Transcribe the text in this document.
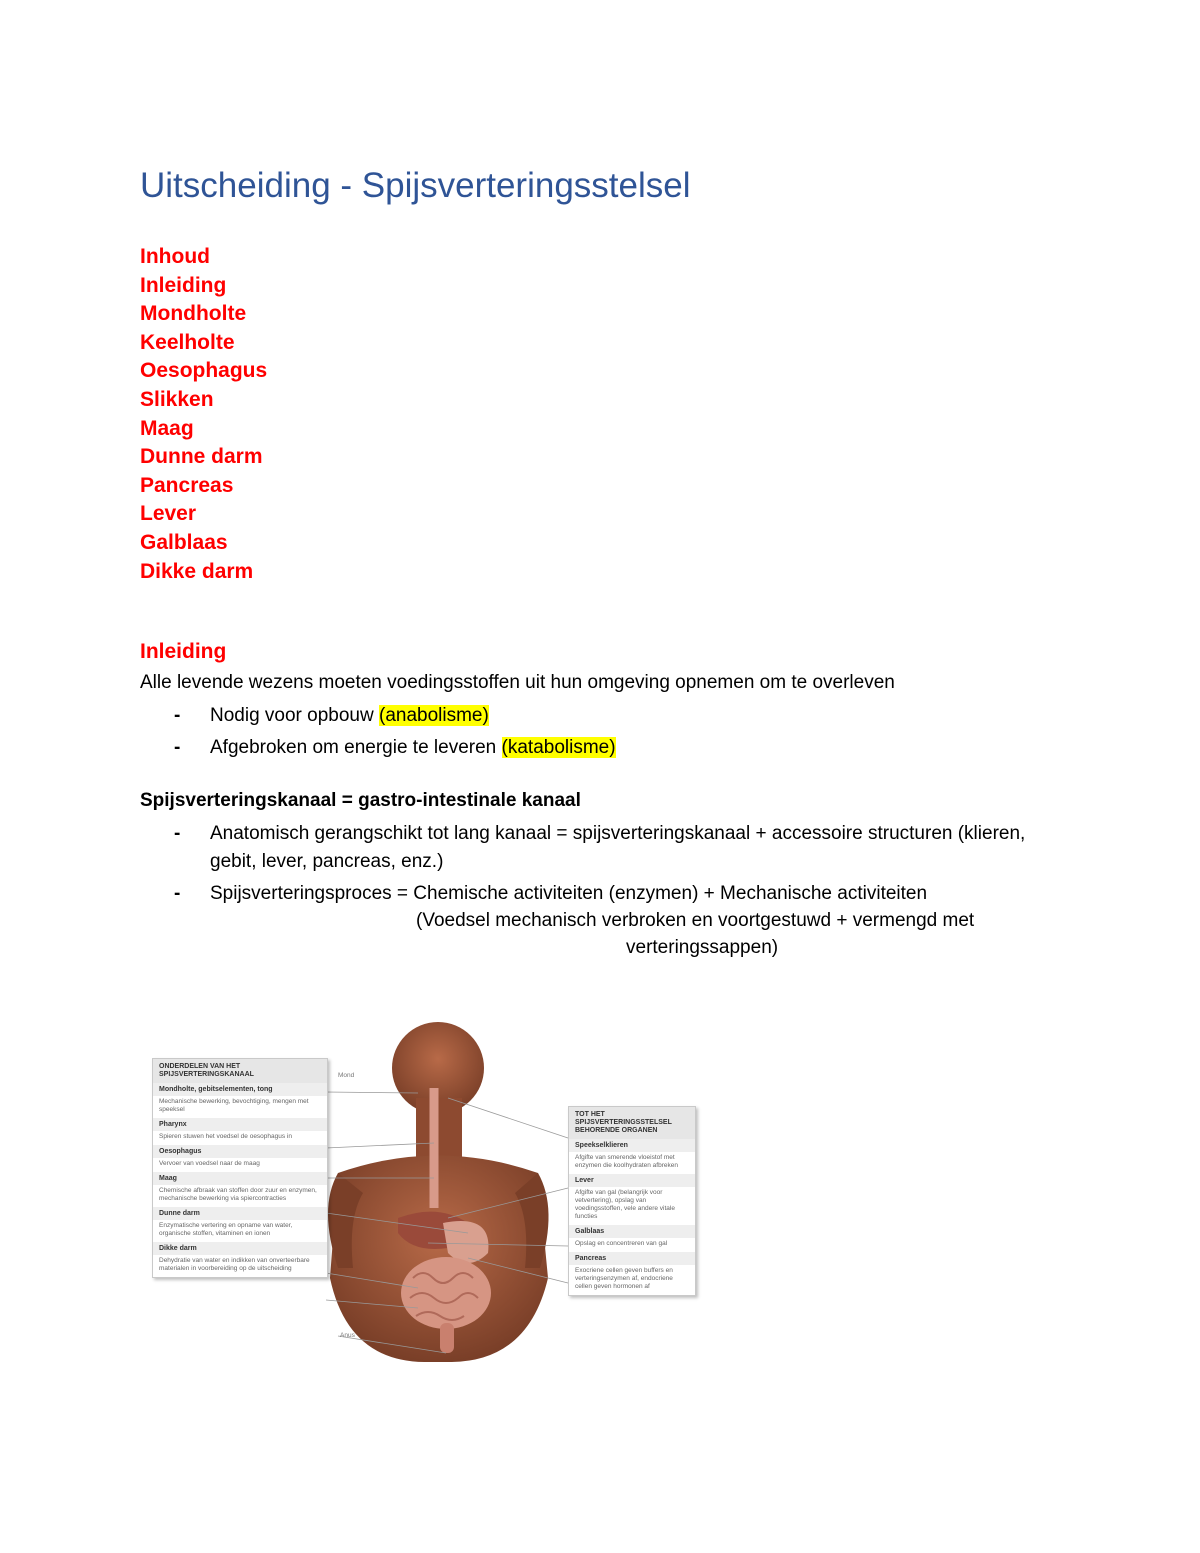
Uitscheiding - Spijsverteringsstelsel
Inhoud
Inleiding
Mondholte
Keelholte
Oesophagus
Slikken
Maag
Dunne darm
Pancreas
Lever
Galblaas
Dikke darm
Inleiding

Alle levende wezens moeten voedingsstoffen uit hun omgeving opnemen om te overleven

- Nodig voor opbouw (anabolisme)
- Afgebroken om energie te leveren (katabolisme)

Spijsverteringskanaal = gastro-intestinale kanaal

- Anatomisch gerangschikt tot lang kanaal = spijsverteringskanaal + accessoire structuren (klieren,
gebit, lever, pancreas, enz.)
- Spijsverteringsproces = Chemische activiteiten (enzymen) + Mechanische activiteiten
(Voedsel mechanisch verbroken en voortgestuwd + vermengd met
verteringssappen)
Mond
Anus
ONDERDELEN VAN HET SPIJSVERTERINGSKANAAL
Mondholte, gebitselementen, tong
Mechanische bewerking, bevochtiging, mengen met speeksel
Pharynx
Spieren stuwen het voedsel de oesophagus in
Oesophagus
Vervoer van voedsel naar de maag
Maag
Chemische afbraak van stoffen door zuur en enzymen, mechanische bewerking via spiercontracties
Dunne darm
Enzymatische vertering en opname van water, organische stoffen, vitaminen en ionen
Dikke darm
Dehydratie van water en indikken van onverteerbare materialen in voorbereiding op de uitscheiding
TOT HET SPIJSVERTERINGSSTELSEL BEHORENDE ORGANEN
Speekselklieren
Afgifte van smerende vloeistof met enzymen die koolhydraten afbreken
Lever
Afgifte van gal (belangrijk voor vetvertering), opslag van voedingsstoffen, vele andere vitale functies
Galblaas
Opslag en concentreren van gal
Pancreas
Exocriene cellen geven buffers en verteringsenzymen af, endocriene cellen geven hormonen af
